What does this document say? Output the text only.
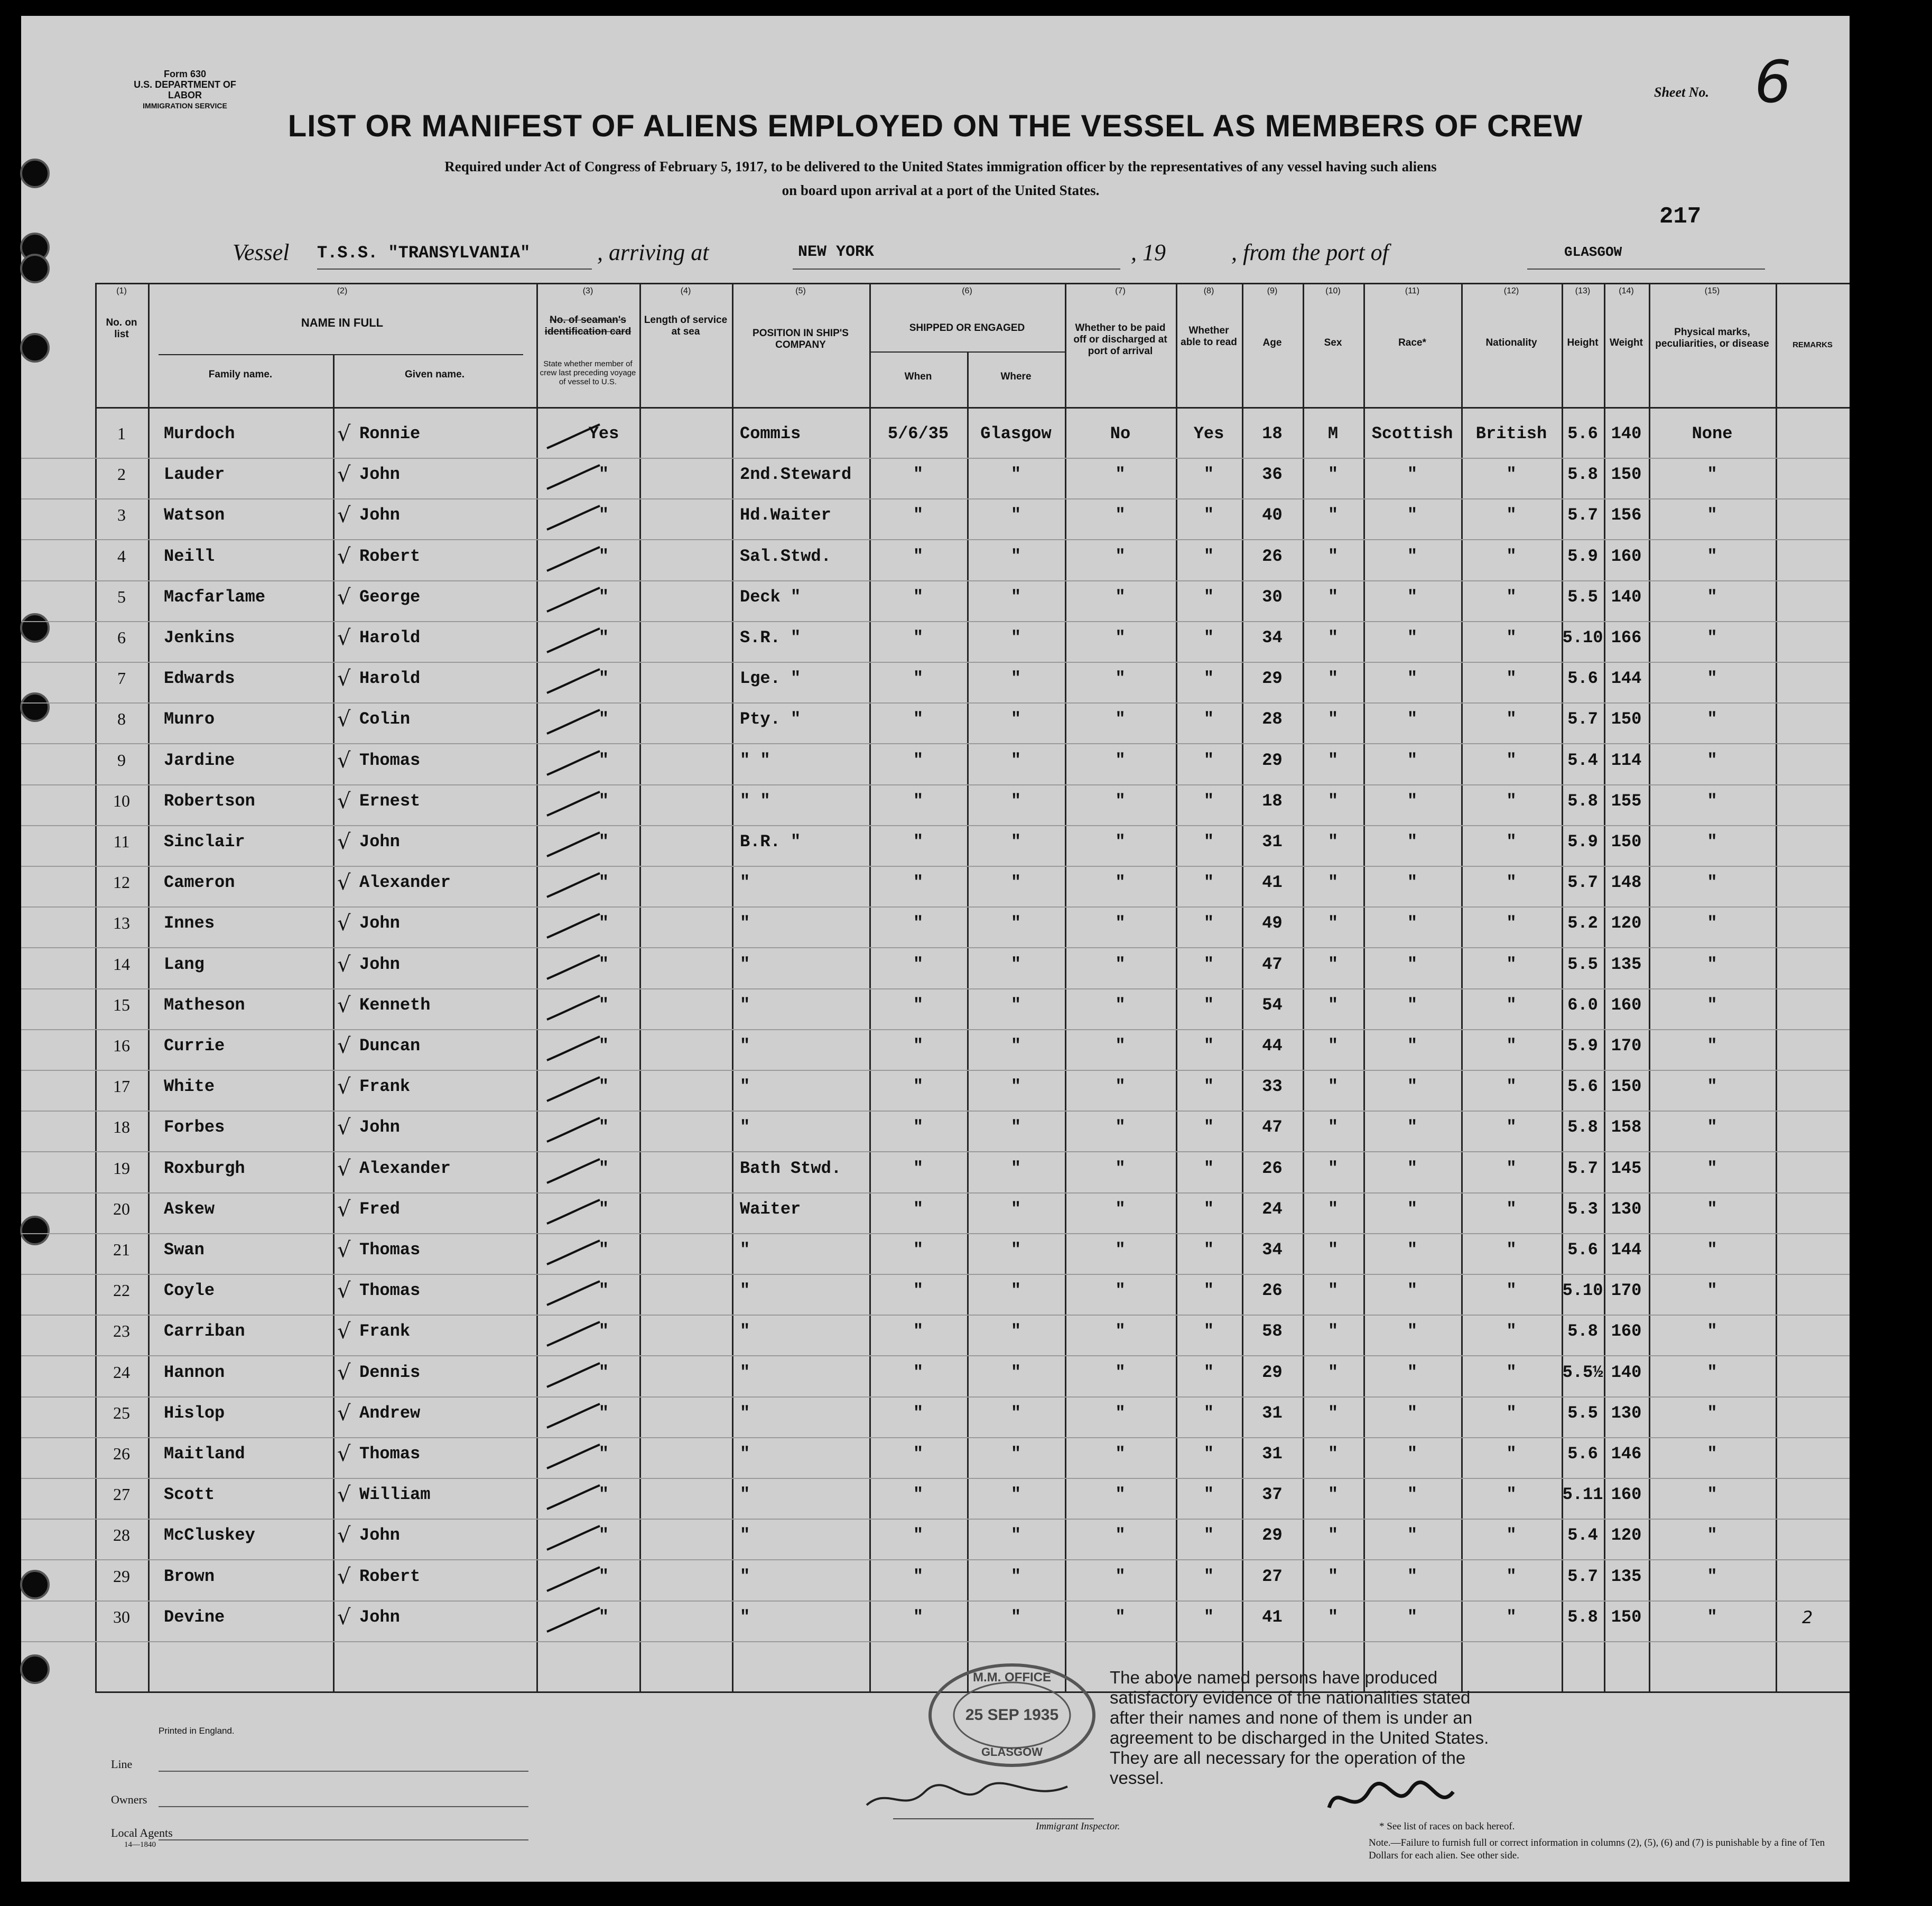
Form 630
U.S. DEPARTMENT OF LABOR
IMMIGRATION SERVICE
Sheet No. 6
LIST OR MANIFEST OF ALIENS EMPLOYED ON THE VESSEL AS MEMBERS OF CREW
Required under Act of Congress of February 5, 1917, to be delivered to the United States immigration officer by the representatives of any vessel having such aliens
on board upon arrival at a port of the United States.
217
Vessel T.S.S. "TRANSYLVANIA"	, arriving at	NEW YORK	, 19	, from the port of	GLASGOW
(1)	(2)	(3)	(4)	(5)	(6)	(7)	(8)	(9)	(10)	(11)	(12)	(13)	(14)	(15)
No. on list
NAME IN FULL
Family name.	Given name.
No. of seaman's identification card
State whether member of crew last preceding voyage of vessel to U.S.
Length of service at sea	POSITION IN SHIP'S COMPANY
SHIPPED OR ENGAGED
When	Where
Whether to be paid off or discharged at port of arrival
Whether able to read	Age	Sex	Race*	Nationality	Height	Weight
Physical marks, peculiarities, or disease	REMARKS
√
1	Murdoch	Ronnie	Yes	Commis	5/6/35	Glasgow	No	Yes	18	M	Scottish	British	5.6 140	None
√
2	Lauder	John	"	2nd.Steward	"	"	"	"	36	"	"	"	5.8 150	"
√
3	Watson	John	"	Hd.Waiter	"	"	"	"	40	"	"	"	5.7 156	"
√
4	Neill	Robert	"	Sal.Stwd.	"	"	"	"	26	"	"	"	5.9 160	"
√
5	Macfarlame	George	"	Deck "	"	"	"	"	30	"	"	"	5.5 140	"
√
6	Jenkins	Harold	"	S.R. "	"	"	"	"	34	"	"	"	5.10 166	"
√
7	Edwards	Harold	"	Lge. "	"	"	"	"	29	"	"	"	5.6 144	"
√
8	Munro	Colin	"	Pty. "	"	"	"	"	28	"	"	"	5.7 150	"
√
9	Jardine	Thomas	"	" "	"	"	"	"	29	"	"	"	5.4 114	"
√
10	Robertson	Ernest	"	" "	"	"	"	"	18	"	"	"	5.8 155	"
√
11	Sinclair	John	"	B.R. "	"	"	"	"	31	"	"	"	5.9 150	"
√
12	Cameron	Alexander	"	"	"	"	"	"	41	"	"	"	5.7 148	"
√
13	Innes	John	"	"	"	"	"	"	49	"	"	"	5.2 120	"
√
14	Lang	John	"	"	"	"	"	"	47	"	"	"	5.5 135	"
√
15	Matheson	Kenneth	"	"	"	"	"	"	54	"	"	"	6.0 160	"
√
16	Currie	Duncan	"	"	"	"	"	"	44	"	"	"	5.9 170	"
√
17	White	Frank	"	"	"	"	"	"	33	"	"	"	5.6 150	"
√
18	Forbes	John	"	"	"	"	"	"	47	"	"	"	5.8 158	"
√
19	Roxburgh	Alexander	"	Bath Stwd.	"	"	"	"	26	"	"	"	5.7 145	"
√
20	Askew	Fred	"	Waiter	"	"	"	"	24	"	"	"	5.3 130	"
√
21	Swan	Thomas	"	"	"	"	"	"	34	"	"	"	5.6 144	"
√
22	Coyle	Thomas	"	"	"	"	"	"	26	"	"	"	5.10 170	"
√
23	Carriban	Frank	"	"	"	"	"	"	58	"	"	"	5.8 160	"
√
24	Hannon	Dennis	"	"	"	"	"	"	29	"	"	"	5.5½ 140	"
√
25	Hislop	Andrew	"	"	"	"	"	"	31	"	"	"	5.5 130	"
√
26	Maitland	Thomas	"	"	"	"	"	"	31	"	"	"	5.6 146	"
√
27	Scott	William	"	"	"	"	"	"	37	"	"	"	5.11 160	"
√
28	McCluskey	John	"	"	"	"	"	"	29	"	"	"	5.4 120	"
√
29	Brown	Robert	"	"	"	"	"	"	27	"	"	"	5.7 135	"
√
30	Devine	John	"	"	"	"	"	"	41	"	"	"	5.8 150	"	2
Printed in England.
Line
Owners
Local Agents
14—1840
M.M. OFFICE
25 SEP 1935
GLASGOW
The above named persons have produced satisfactory evidence of the nationalities stated after their names and none of them is under an agreement to be discharged in the United States. They are all necessary for the operation of the vessel.
Immigrant Inspector.	* See list of races on back hereof.
Note.—Failure to furnish full or correct information in columns (2), (5), (6) and (7) is punishable by a fine of Ten Dollars for each alien. See other side.
